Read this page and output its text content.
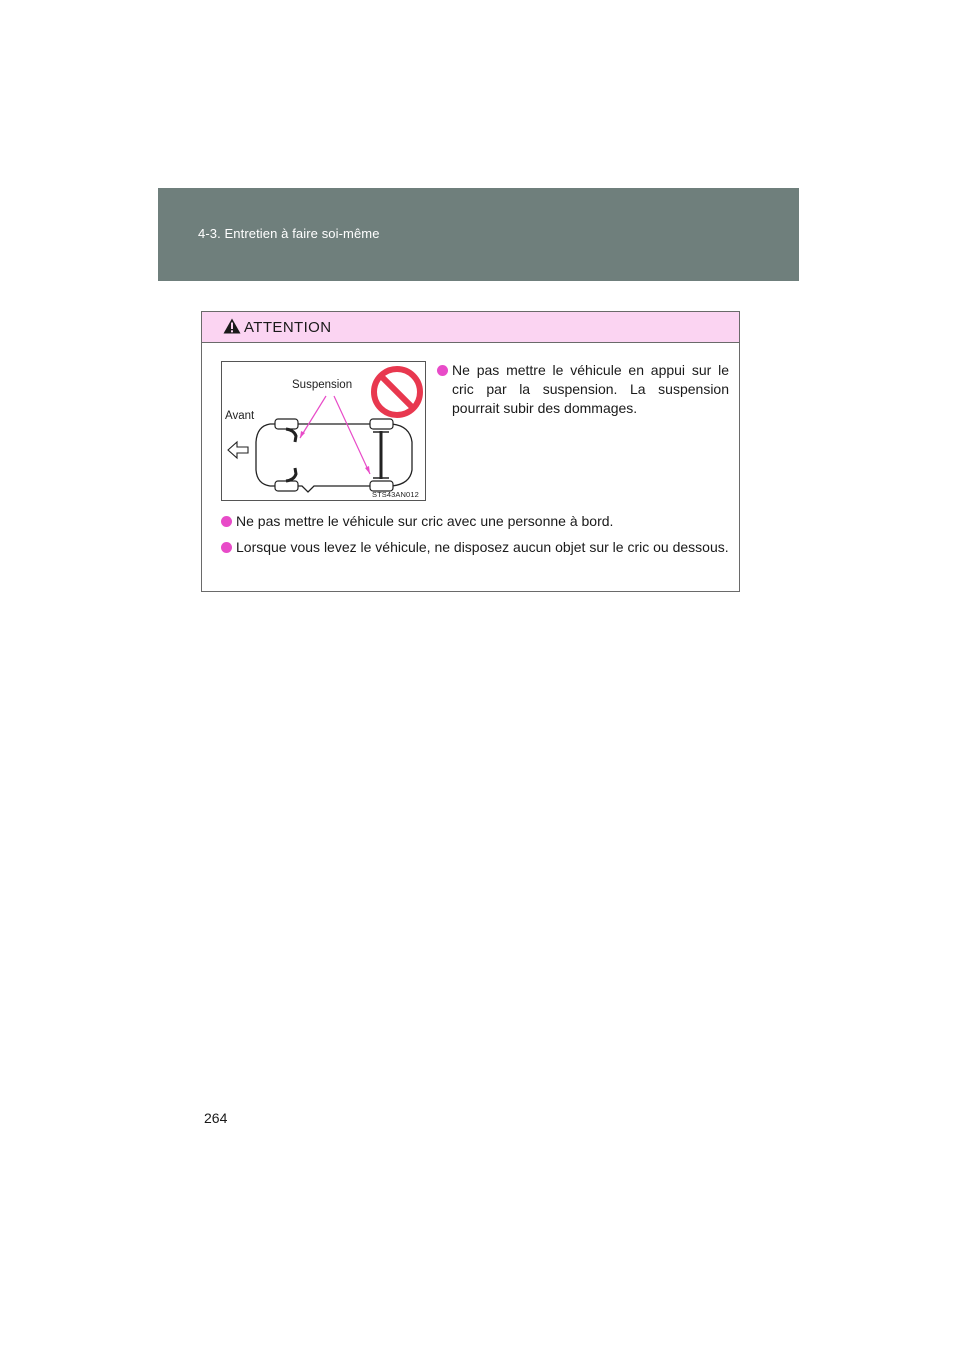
4-3. Entretien à faire soi-même
ATTENTION
Suspension
Avant
STS43AN012
Ne pas mettre le véhicule en appui sur le cric par la suspension. La suspension pourrait subir des dommages.
Ne pas mettre le véhicule sur cric avec une personne à bord.
Lorsque vous levez le véhicule, ne disposez aucun objet sur le cric ou dessous.
264
